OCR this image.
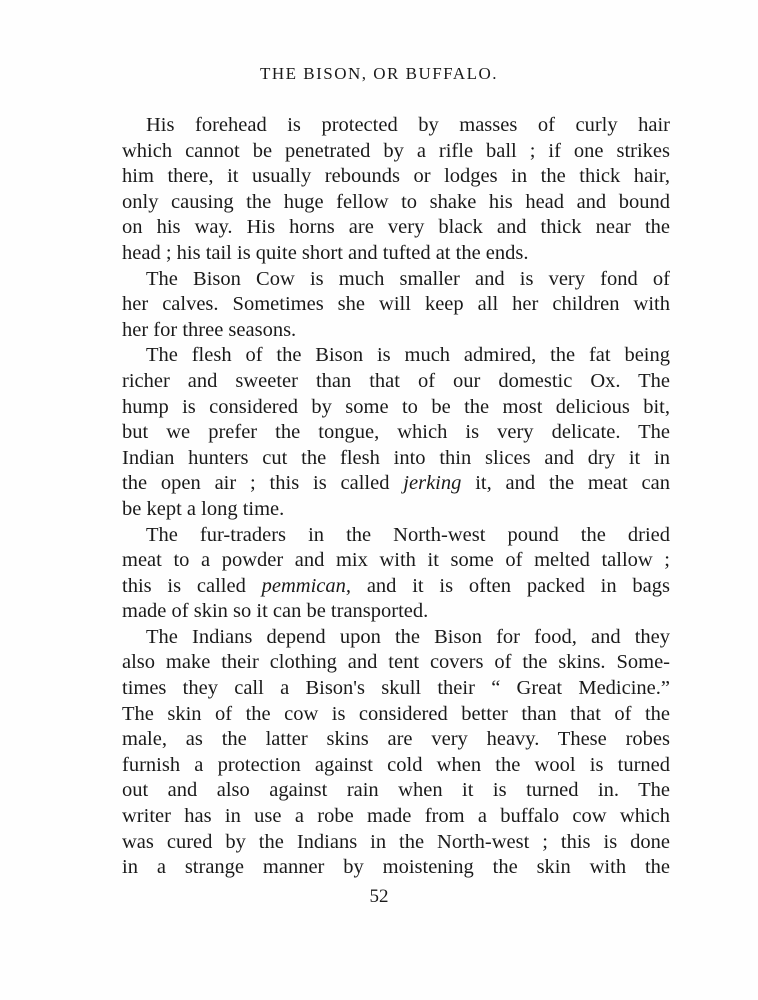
THE BISON, OR BUFFALO.
His forehead is protected by masses of curly hair
which cannot be penetrated by a rifle ball ; if one strikes
him there, it usually rebounds or lodges in the thick hair,
only causing the huge fellow to shake his head and bound
on his way. His horns are very black and thick near the
head ; his tail is quite short and tufted at the ends.
The Bison Cow is much smaller and is very fond of
her calves. Sometimes she will keep all her children with
her for three seasons.
The flesh of the Bison is much admired, the fat being
richer and sweeter than that of our domestic Ox. The
hump is considered by some to be the most delicious bit,
but we prefer the tongue, which is very delicate. The
Indian hunters cut the flesh into thin slices and dry it in
the open air ; this is called jerking it, and the meat can
be kept a long time.
The fur-traders in the North-west pound the dried
meat to a powder and mix with it some of melted tallow ;
this is called pemmican, and it is often packed in bags
made of skin so it can be transported.
The Indians depend upon the Bison for food, and they
also make their clothing and tent covers of the skins. Some-
times they call a Bison's skull their “ Great Medicine.”
The skin of the cow is considered better than that of the
male, as the latter skins are very heavy. These robes
furnish a protection against cold when the wool is turned
out and also against rain when it is turned in. The
writer has in use a robe made from a buffalo cow which
was cured by the Indians in the North-west ; this is done
in a strange manner by moistening the skin with the
52
